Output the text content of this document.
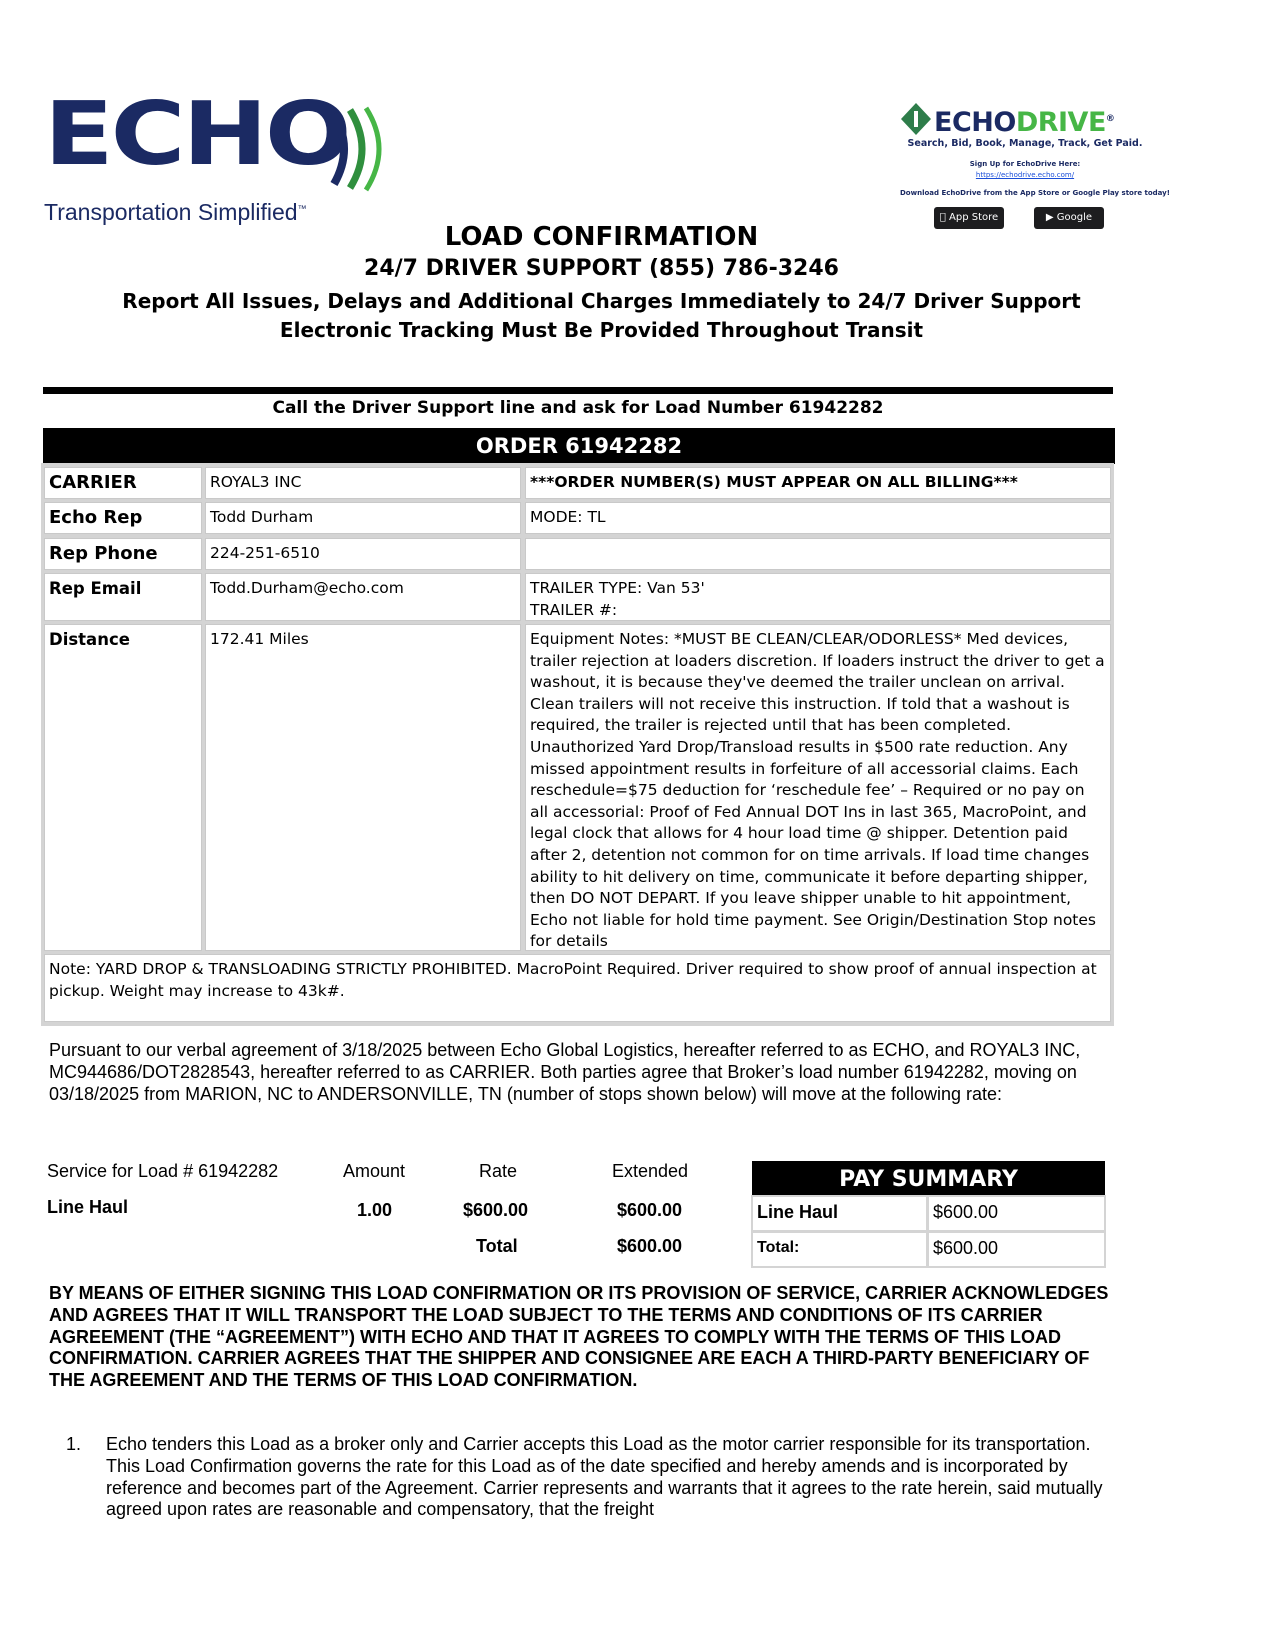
ECHO
Transportation Simplified™
ECHODRIVE®
Search, Bid, Book, Manage, Track, Get Paid.
Sign Up for EchoDrive Here:
https://echodrive.echo.com/
Download EchoDrive from the App Store or Google Play store today!
App Store	▶ Google play
LOAD CONFIRMATION
24/7 DRIVER SUPPORT (855) 786-3246
Report All Issues, Delays and Additional Charges Immediately to 24/7 Driver Support
Electronic Tracking Must Be Provided Throughout Transit
Call the Driver Support line and ask for Load Number 61942282
ORDER 61942282
CARRIER	ROYAL3 INC	***ORDER NUMBER(S) MUST APPEAR ON ALL BILLING***
Echo Rep	Todd Durham	MODE: TL
Rep Phone	224-251-6510
Rep Email	Todd.Durham@echo.com	TRAILER TYPE: Van 53'
TRAILER #:
Distance	172.41 Miles	Equipment Notes: *MUST BE CLEAN/CLEAR/ODORLESS* Med devices, trailer rejection at loaders discretion. If loaders instruct the driver to get a washout, it is because they've deemed the trailer unclean on arrival. Clean trailers will not receive this instruction. If told that a washout is required, the trailer is rejected until that has been completed. Unauthorized Yard Drop/Transload results in $500 rate reduction. Any missed appointment results in forfeiture of all accessorial claims. Each reschedule=$75 deduction for ‘reschedule fee’ – Required or no pay on all accessorial: Proof of Fed Annual DOT Ins in last 365, MacroPoint, and legal clock that allows for 4 hour load time @ shipper. Detention paid after 2, detention not common for on time arrivals. If load time changes ability to hit delivery on time, communicate it before departing shipper, then DO NOT DEPART. If you leave shipper unable to hit appointment, Echo not liable for hold time payment. See Origin/Destination Stop notes for details
Note: YARD DROP & TRANSLOADING STRICTLY PROHIBITED. MacroPoint Required. Driver required to show proof of annual inspection at pickup. Weight may increase to 43k#.
Pursuant to our verbal agreement of 3/18/2025 between Echo Global Logistics, hereafter referred to as ECHO, and ROYAL3 INC, MC944686/DOT2828543, hereafter referred to as CARRIER. Both parties agree that Broker’s load number 61942282, moving on 03/18/2025 from MARION, NC to ANDERSONVILLE, TN (number of stops shown below) will move at the following rate:
Service for Load # 61942282	Amount	Rate	Extended
Line Haul	1.00	$600.00	$600.00
Total	$600.00
PAY SUMMARY
Line Haul	$600.00
Total:	$600.00
BY MEANS OF EITHER SIGNING THIS LOAD CONFIRMATION OR ITS PROVISION OF SERVICE, CARRIER ACKNOWLEDGES AND AGREES THAT IT WILL TRANSPORT THE LOAD SUBJECT TO THE TERMS AND CONDITIONS OF ITS CARRIER AGREEMENT (THE “AGREEMENT”) WITH ECHO AND THAT IT AGREES TO COMPLY WITH THE TERMS OF THIS LOAD CONFIRMATION. CARRIER AGREES THAT THE SHIPPER AND CONSIGNEE ARE EACH A THIRD-PARTY BENEFICIARY OF THE AGREEMENT AND THE TERMS OF THIS LOAD CONFIRMATION.
1. Echo tenders this Load as a broker only and Carrier accepts this Load as the motor carrier responsible for its transportation. This Load Confirmation governs the rate for this Load as of the date specified and hereby amends and is incorporated by reference and becomes part of the Agreement. Carrier represents and warrants that it agrees to the rate herein, said mutually agreed upon rates are reasonable and compensatory, that the freight
